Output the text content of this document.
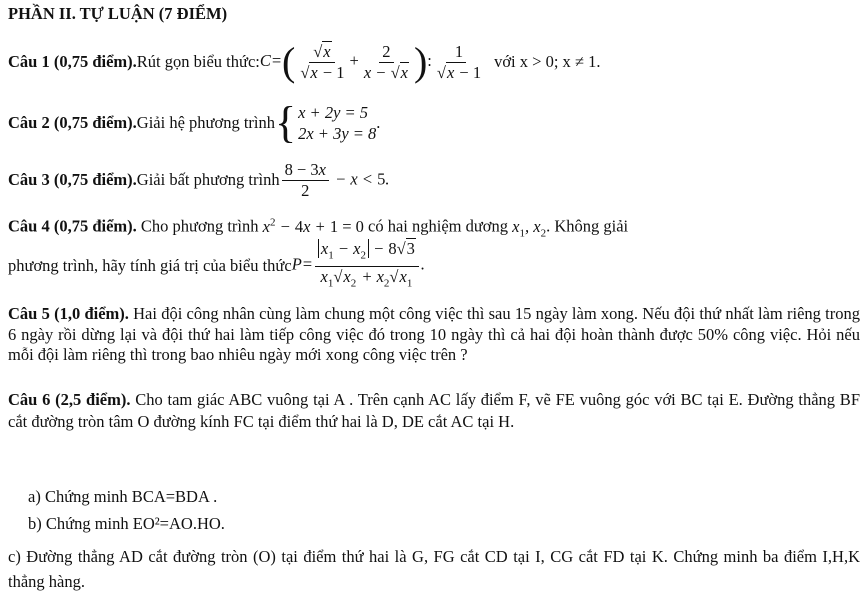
PHẦN II. TỰ LUẬN (7 ĐIỂM)
Câu 1 (0,75 điểm). Rút gọn biểu thức: $C=( \frac{√x}{√x - 1} + \frac{2}{x - √x}$ ): $\frac{1}{√x - 1}$ với x > 0; x ≠ 1.
Câu 2 (0,75 điểm). Giải hệ phương trình { x + 2y = 5
2x + 3y = 8
.
Câu 3 (0,75 điểm). Giải bất phương trình $\frac{8 - 3x}{2} - x < 5$.
Câu 4 (0,75 điểm). Cho phương trình $x^2 - 4x + 1 = 0$ có hai nghiệm dương $x_1$, $x_2$. Không giải
phương trình, hãy tính giá trị của biểu thức $P= \frac{x_1 - x_2 - 8√3}{x_1√x_2 + x_2√x_1}$ .
Câu 5 (1,0 điểm). Hai đội công nhân cùng làm chung một công việc thì sau 15 ngày làm xong. Nếu đội thứ nhất làm riêng trong 6 ngày rồi dừng lại và đội thứ hai làm tiếp công việc đó trong 10 ngày thì cả hai đội hoàn thành được 50% công việc. Hỏi nếu mỗi đội làm riêng thì trong bao nhiêu ngày mới xong công việc trên ?
Câu 6 (2,5 điểm). Cho tam giác ABC vuông tại A . Trên cạnh AC lấy điểm F, vẽ FE vuông góc với BC tại E. Đường thẳng BF cắt đường tròn tâm O đường kính FC tại điểm thứ hai là D, DE cắt AC tại H.
a) Chứng minh BCA=BDA .
b) Chứng minh EO²=AO.HO.
c) Đường thẳng AD cắt đường tròn (O) tại điểm thứ hai là G, FG cắt CD tại I, CG cắt FD tại K. Chứng minh ba điểm I,H,K thẳng hàng.
